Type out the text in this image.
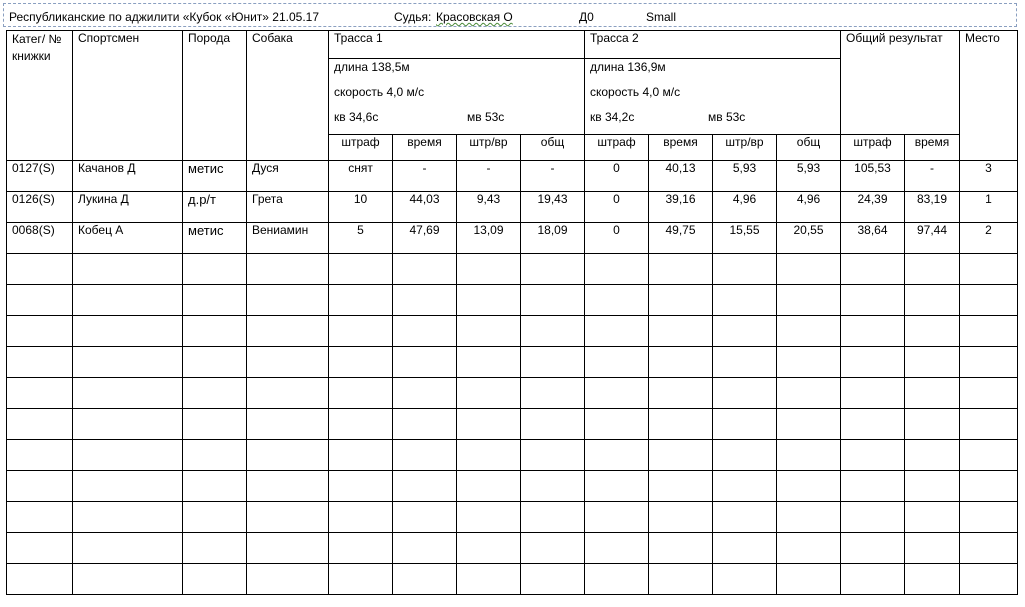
Республиканские по аджилити «Кубок «Юнит» 21.05.17	Судья: Красовская О	Д0	Small
Катег/ № книжки	Спортсмен	Порода	Собака	Трасса 1				Трасса 2				Общий результат		Место
				длина 138,5м				длина 136,9м						
				скорость 4,0 м/с				скорость 4,0 м/с						
				кв 34,6с мв 53с				кв 34,2с мв 53с						
				штраф	время	штр/вр	общ	штраф	время	штр/вр	общ	штраф	время	
0127(S)	Качанов Д	метис	Дуся	снят	-	-	-	0	40,13	5,93	5,93	105,53	-	3
0126(S)	Лукина Д	д.р/т	Грета	10	44,03	9,43	19,43	0	39,16	4,96	4,96	24,39	83,19	1
0068(S)	Кобец А	метис	Вениамин	5	47,69	13,09	18,09	0	49,75	15,55	20,55	38,64	97,44	2
